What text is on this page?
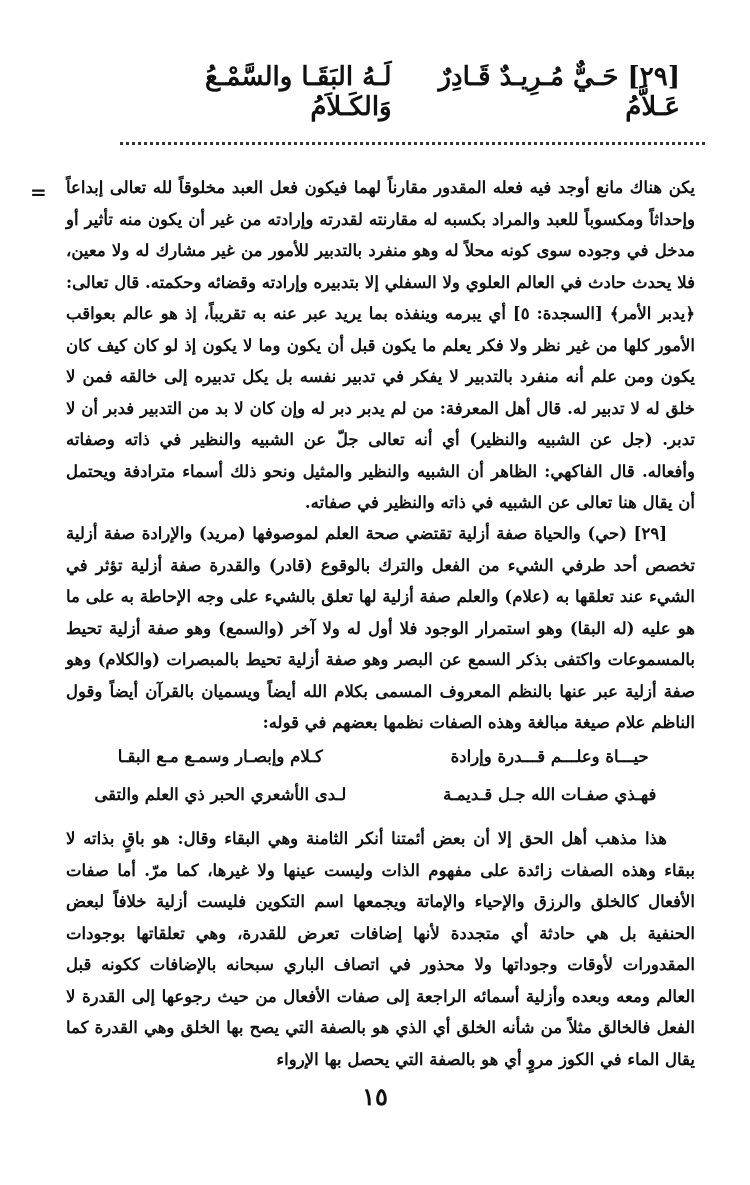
[٢٩] حَـيٌّ مُـرِيـدٌ قَـادِرٌ عَـلاَّمُ
لَـهُ البَقَـا والسَّمْـعُ وَالكَـلاَمُ
= يكن هناك مانع أوجد فيه فعله المقدور مقارناً لهما فيكون فعل العبد مخلوقاً لله تعالى إبداعاً وإحداثاً ومكسوباً للعبد والمراد بكسبه له مقارنته لقدرته وإرادته من غير أن يكون منه تأثير أو مدخل في وجوده سوى كونه محلاً له وهو منفرد بالتدبير للأمور من غير مشارك له ولا معين، فلا يحدث حادث في العالم العلوي ولا السفلي إلا بتدبيره وإرادته وقضائه وحكمته. قال تعالى: ﴿يدبر الأمر﴾ [السجدة: ٥] أي يبرمه وينفذه بما يريد عبر عنه به تقريباً، إذ هو عالم بعواقب الأمور كلها من غير نظر ولا فكر يعلم ما يكون قبل أن يكون وما لا يكون إذ لو كان كيف كان يكون ومن علم أنه منفرد بالتدبير لا يفكر في تدبير نفسه بل يكل تدبيره إلى خالقه فمن لا خلق له لا تدبير له. قال أهل المعرفة: من لم يدبر دبر له وإن كان لا بد من التدبير فدبر أن لا تدبر. (جل عن الشبيه والنظير) أي أنه تعالى جلّ عن الشبيه والنظير في ذاته وصفاته وأفعاله. قال الفاكهي: الظاهر أن الشبيه والنظير والمثيل ونحو ذلك أسماء مترادفة ويحتمل أن يقال هنا تعالى عن الشبيه في ذاته والنظير في صفاته.

[٢٩] (حي) والحياة صفة أزلية تقتضي صحة العلم لموصوفها (مريد) والإرادة صفة أزلية تخصص أحد طرفي الشيء من الفعل والترك بالوقوع (قادر) والقدرة صفة أزلية تؤثر في الشيء عند تعلقها به (علام) والعلم صفة أزلية لها تعلق بالشيء على وجه الإحاطة به على ما هو عليه (له البقا) وهو استمرار الوجود فلا أول له ولا آخر (والسمع) وهو صفة أزلية تحيط بالمسموعات واكتفى بذكر السمع عن البصر وهو صفة أزلية تحيط بالمبصرات (والكلام) وهو صفة أزلية عبر عنها بالنظم المعروف المسمى بكلام الله أيضاً ويسميان بالقرآن أيضاً وقول الناظم علام صيغة مبالغة وهذه الصفات نظمها بعضهم في قوله:

حيـــاة وعلـــم قـــدرة وإرادة
كـلام وإبصـار وسمـع مـع البقـا
فهـذي صفـات الله جـل قـديمـة
لـدى الأشعري الحبر ذي العلم والتقى

هذا مذهب أهل الحق إلا أن بعض أئمتنا أنكر الثامنة وهي البقاء وقال: هو باقٍ بذاته لا ببقاء وهذه الصفات زائدة على مفهوم الذات وليست عينها ولا غيرها، كما مرّ. أما صفات الأفعال كالخلق والرزق والإحياء والإماتة ويجمعها اسم التكوين فليست أزلية خلافاً لبعض الحنفية بل هي حادثة أي متجددة لأنها إضافات تعرض للقدرة، وهي تعلقاتها بوجودات المقدورات لأوقات وجوداتها ولا محذور في اتصاف الباري سبحانه بالإضافات ككونه قبل العالم ومعه وبعده وأزلية أسمائه الراجعة إلى صفات الأفعال من حيث رجوعها إلى القدرة لا الفعل فالخالق مثلاً من شأنه الخلق أي الذي هو بالصفة التي يصح بها الخلق وهي القدرة كما يقال الماء في الكوز مروٍ أي هو بالصفة التي يحصل بها الإرواء

١٥
